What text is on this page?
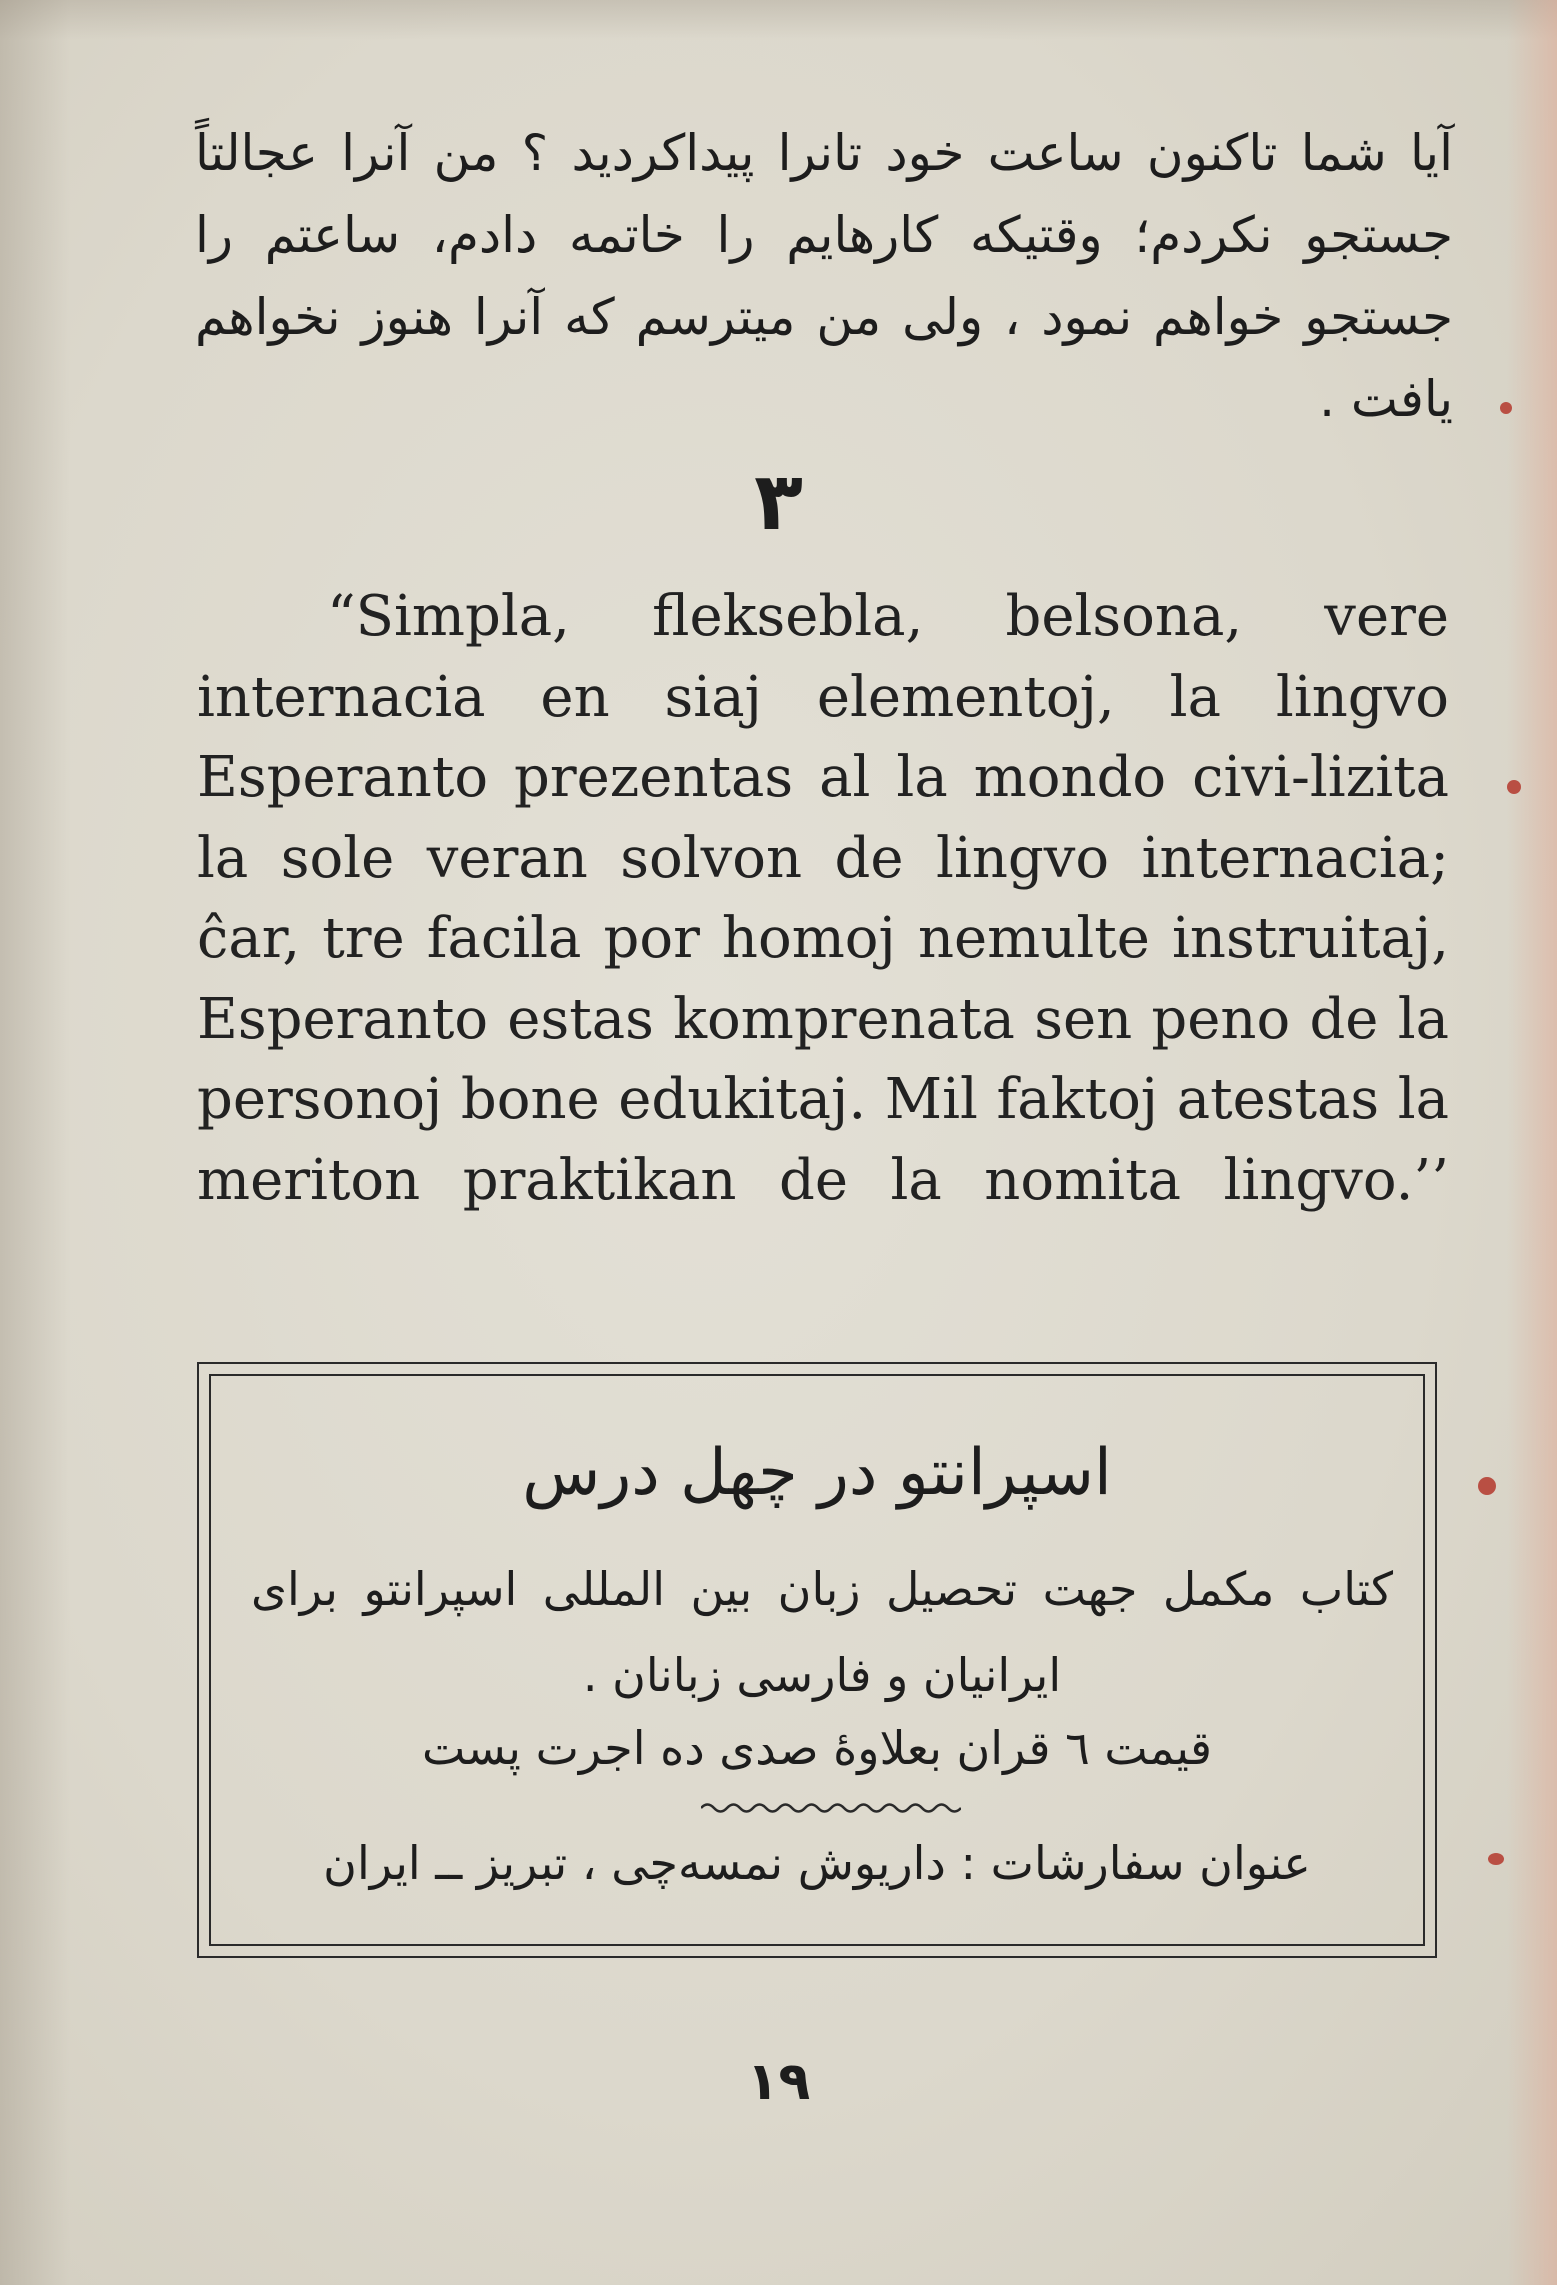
آیا شما تاکنون ساعت خود تانرا پیداکردید ؟ من آنرا عجالتاً جستجو نکردم؛ وقتیکه کارهایم را خاتمه دادم، ساعتم را جستجو خواهم نمود ، ولی من میترسم که آنرا هنوز نخواهم یافت .

۳

“Simpla, fleksebla, belsona, vere internacia en siaj elementoj, la lingvo Esperanto prezentas al la mondo civi-lizita la sole veran solvon de lingvo internacia; ĉar, tre facila por homoj nemulte instruitaj, Esperanto estas komprenata sen peno de la personoj bone edukitaj. Mil faktoj atestas la meriton praktikan de la nomita lingvo.’’

اسپرانتو در چهل درس
کتاب مکمل جهت تحصیل زبان بین المللی اسپرانتو برای ایرانیان و فارسی زبانان .
قیمت ٦ قران بعلاوهٔ صدی ده اجرت پست
عنوان سفارشات : داریوش نمسه‌چی ، تبریز ــ ایران
۱۹
